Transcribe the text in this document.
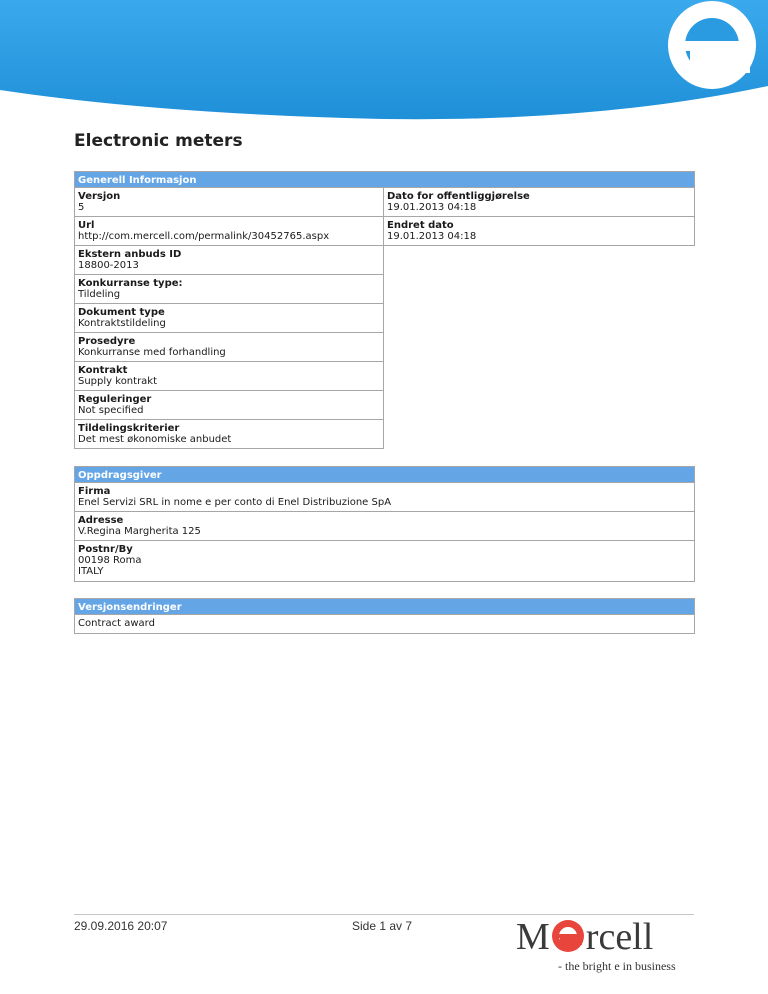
Electronic meters
Generell Informasjon
Versjon
5
Url
http://com.mercell.com/permalink/30452765.aspx
Ekstern anbuds ID
18800-2013
Konkurranse type:
Tildeling
Dokument type
Kontraktstildeling
Prosedyre
Konkurranse med forhandling
Kontrakt
Supply kontrakt
Reguleringer
Not specified
Tildelingskriterier
Det mest økonomiske anbudet
Dato for offentliggjørelse
19.01.2013 04:18
Endret dato
19.01.2013 04:18
Oppdragsgiver
Firma
Enel Servizi SRL in nome e per conto di Enel Distribuzione SpA
Adresse
V.Regina Margherita 125
Postnr/By
00198 Roma
ITALY
Versjonsendringer
Contract award
29.09.2016 20:07	Side 1 av 7	M rcell
- the bright e in business
